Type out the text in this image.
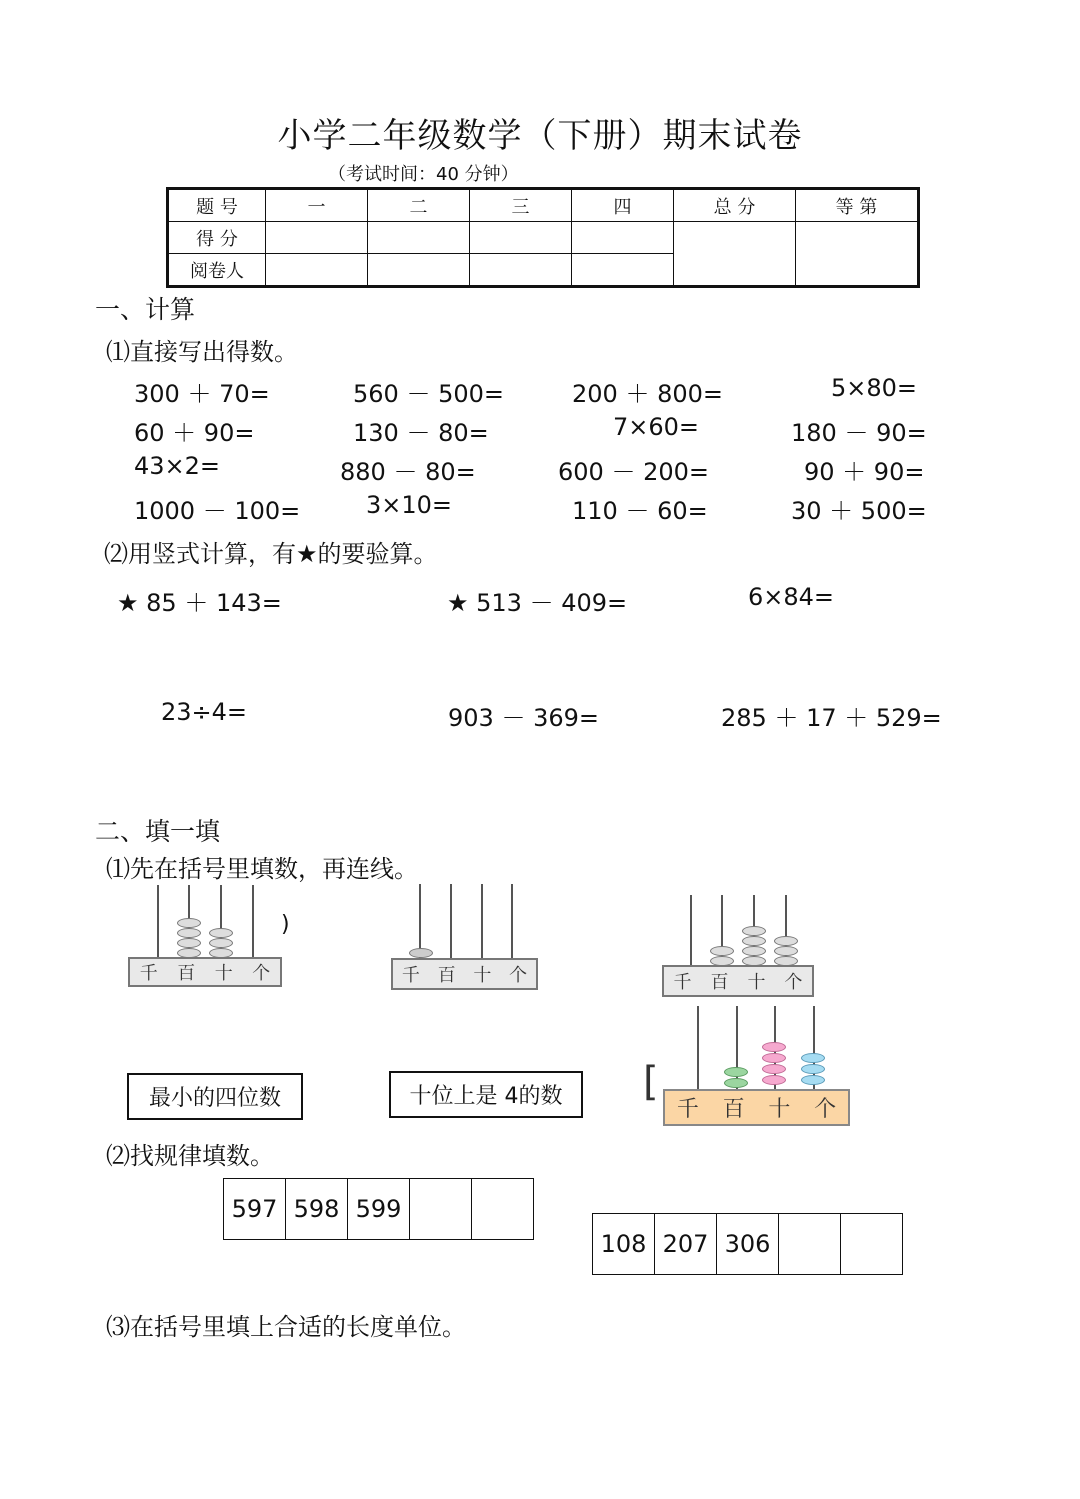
小学二年级数学（下册）期末试卷
（考试时间：40 分钟）
题 号	一	二	三	四	总 分	等 第
得 分						
阅卷人						
一、计算
⑴直接写出得数。
300 ＋ 70=	560 － 500=	200 ＋ 800=	5×80=
60 ＋ 90=	130 － 80=	7×60=	180 － 90=
43×2=	880 － 80=	600 － 200=	90 ＋ 90=
1000 － 100=	3×10=	110 － 60=	30 ＋ 500=
⑵用竖式计算，有★的要验算。
★ 85 ＋ 143=	★ 513 － 409=	6×84=
23÷4=	903 － 369=	285 ＋ 17 ＋ 529=
二、填一填
⑴先在括号里填数，再连线。
千 百 十 个
)
千 百 十 个	千 百 十 个
最小的四位数	十位上是 4的数	[
千 百 十 个
⑵找规律填数。
597	598	599		
108	207	306		
⑶在括号里填上合适的长度单位。
